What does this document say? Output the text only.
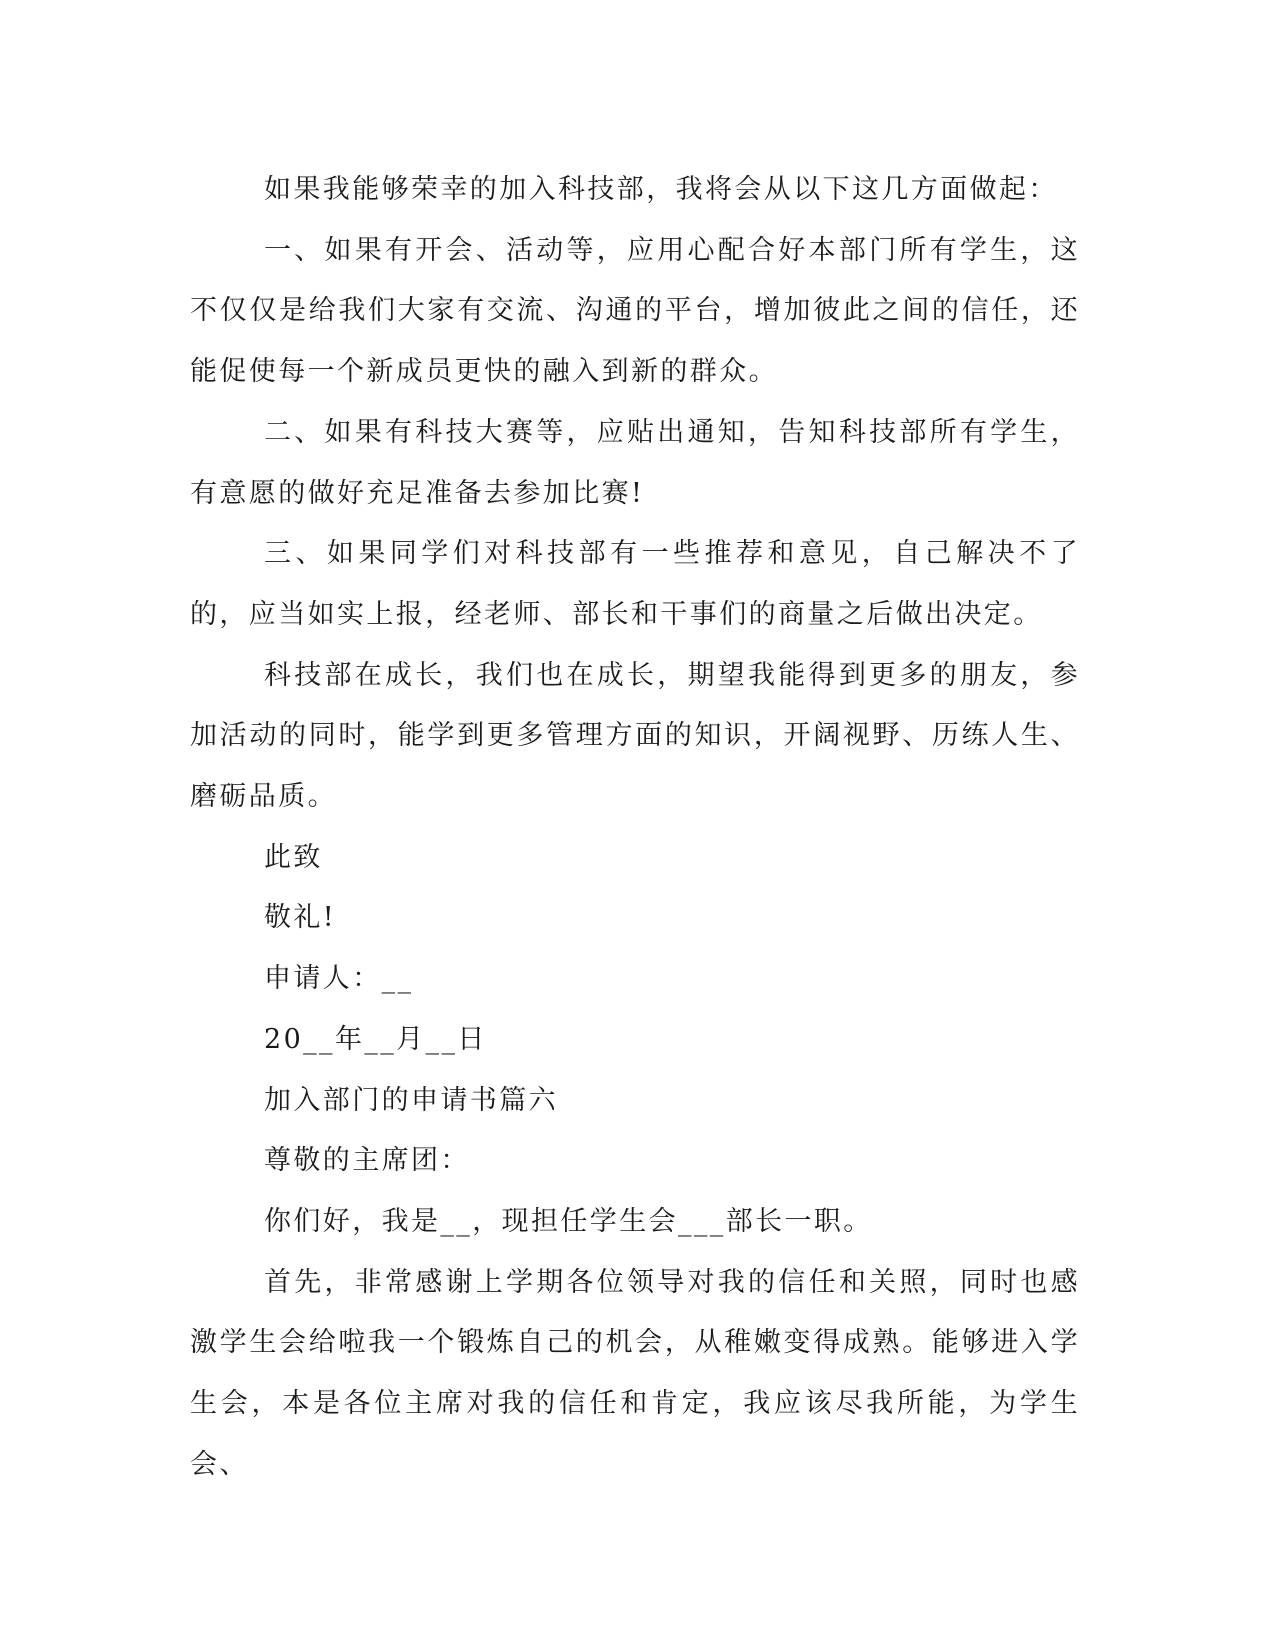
如果我能够荣幸的加入科技部，我将会从以下这几方面做起：

一、如果有开会、活动等，应用心配合好本部门所有学生，这不仅仅是给我们大家有交流、沟通的平台，增加彼此之间的信任，还能促使每一个新成员更快的融入到新的群众。

二、如果有科技大赛等，应贴出通知，告知科技部所有学生，有意愿的做好充足准备去参加比赛!

三、如果同学们对科技部有一些推荐和意见，自己解决不了的，应当如实上报，经老师、部长和干事们的商量之后做出决定。

科技部在成长，我们也在成长，期望我能得到更多的朋友，参加活动的同时，能学到更多管理方面的知识，开阔视野、历练人生、磨砺品质。

此致

敬礼!

申请人：__

20__年__月__日

加入部门的申请书篇六

尊敬的主席团：

你们好，我是__，现担任学生会___部长一职。

首先，非常感谢上学期各位领导对我的信任和关照，同时也感激学生会给啦我一个锻炼自己的机会，从稚嫩变得成熟。能够进入学生会，本是各位主席对我的信任和肯定，我应该尽我所能，为学生会、
